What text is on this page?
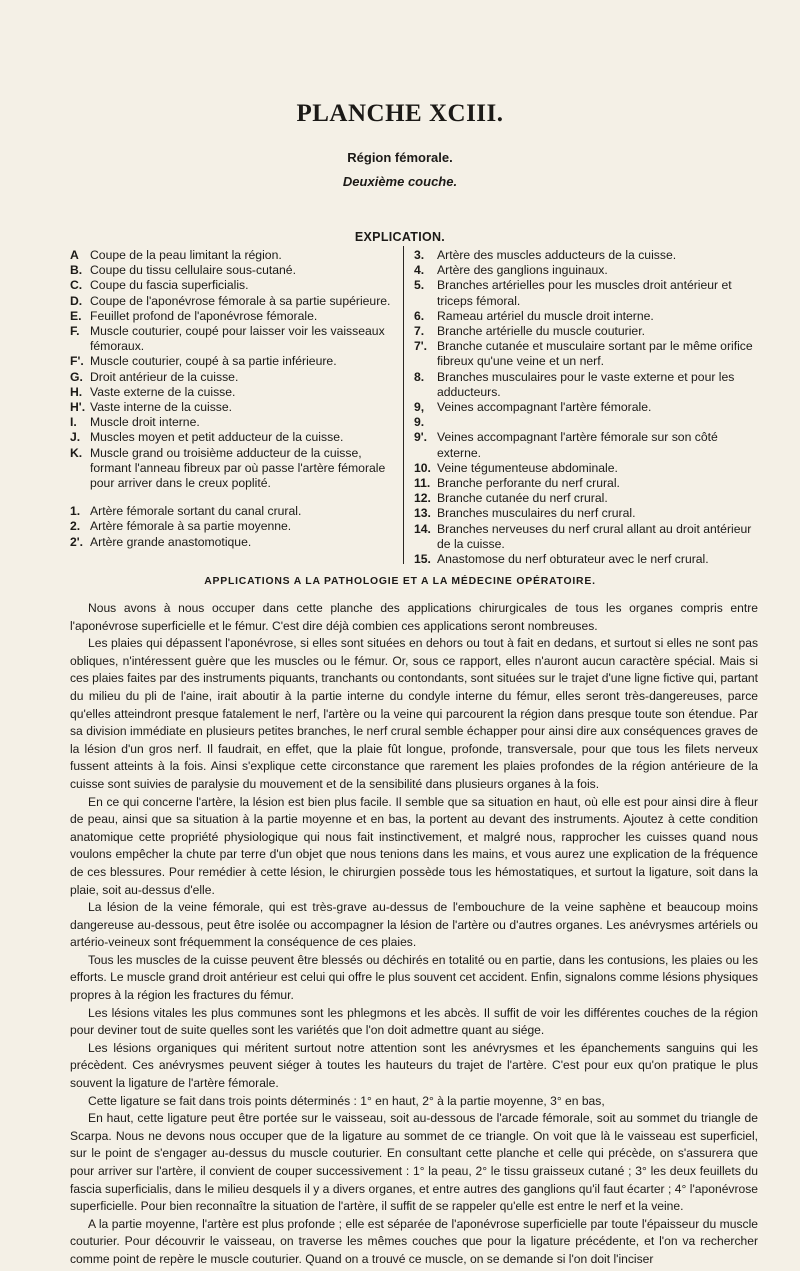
PLANCHE XCIII.
Région fémorale.
Deuxième couche.
EXPLICATION.
A Coupe de la peau limitant la région.
B. Coupe du tissu cellulaire sous-cutané.
C. Coupe du fascia superficialis.
D. Coupe de l'aponévrose fémorale à sa partie supérieure.
E. Feuillet profond de l'aponévrose fémorale.
F. Muscle couturier, coupé pour laisser voir les vaisseaux fémoraux.
F'. Muscle couturier, coupé à sa partie inférieure.
G. Droit antérieur de la cuisse.
H. Vaste externe de la cuisse.
H'. Vaste interne de la cuisse.
I.	Muscle droit interne.
J. Muscles moyen et petit adducteur de la cuisse.
K. Muscle grand ou troisième adducteur de la cuisse, formant l'anneau fibreux par où passe l'artère fémorale pour arriver dans le creux poplité.
1. Artère fémorale sortant du canal crural.
2. Artère fémorale à sa partie moyenne.
2'. Artère grande anastomotique.
3.	Artère des muscles adducteurs de la cuisse.
4.	Artère des ganglions inguinaux.
5.	Branches artérielles pour les muscles droit antérieur et triceps fémoral.
6.	Rameau artériel du muscle droit interne.
7.	Branche artérielle du muscle couturier.
7'. Branche cutanée et musculaire sortant par le même orifice fibreux qu'une veine et un nerf.
8.	Branches musculaires pour le vaste externe et pour les adducteurs.
9, 9.
Veines accompagnant l'artère fémorale.
9'. Veines accompagnant l'artère fémorale sur son côté externe.
10. Veine tégumenteuse abdominale.
11. Branche perforante du nerf crural.
12. Branche cutanée du nerf crural.
13. Branches musculaires du nerf crural.
14. Branches nerveuses du nerf crural allant au droit antérieur de la cuisse.
15. Anastomose du nerf obturateur avec le nerf crural.
APPLICATIONS A LA PATHOLOGIE ET A LA MÉDECINE OPÉRATOIRE.

Nous avons à nous occuper dans cette planche des applications chirurgicales de tous les organes compris entre l'aponévrose superficielle et le fémur. C'est dire déjà combien ces applications seront nombreuses.

Les plaies qui dépassent l'aponévrose, si elles sont situées en dehors ou tout à fait en dedans, et surtout si elles ne sont pas obliques, n'intéressent guère que les muscles ou le fémur. Or, sous ce rapport, elles n'auront aucun caractère spécial. Mais si ces plaies faites par des instruments piquants, tranchants ou contondants, sont situées sur le trajet d'une ligne fictive qui, partant du milieu du pli de l'aine, irait aboutir à la partie interne du condyle interne du fémur, elles seront très-dangereuses, parce qu'elles atteindront presque fatalement le nerf, l'artère ou la veine qui parcourent la région dans presque toute son étendue. Par sa division immédiate en plusieurs petites branches, le nerf crural semble échapper pour ainsi dire aux conséquences graves de la lésion d'un gros nerf. Il faudrait, en effet, que la plaie fût longue, profonde, transversale, pour que tous les filets nerveux fussent atteints à la fois. Ainsi s'explique cette circonstance que rarement les plaies profondes de la région antérieure de la cuisse sont suivies de paralysie du mouvement et de la sensibilité dans plusieurs organes à la fois.

En ce qui concerne l'artère, la lésion est bien plus facile. Il semble que sa situation en haut, où elle est pour ainsi dire à fleur de peau, ainsi que sa situation à la partie moyenne et en bas, la portent au devant des instruments. Ajoutez à cette condition anatomique cette propriété physiologique qui nous fait instinctivement, et malgré nous, rapprocher les cuisses quand nous voulons empêcher la chute par terre d'un objet que nous tenions dans les mains, et vous aurez une explication de la fréquence de ces blessures. Pour remédier à cette lésion, le chirurgien possède tous les hémostatiques, et surtout la ligature, soit dans la plaie, soit au-dessus d'elle.

La lésion de la veine fémorale, qui est très-grave au-dessus de l'embouchure de la veine saphène et beaucoup moins dangereuse au-dessous, peut être isolée ou accompagner la lésion de l'artère ou d'autres organes. Les anévrysmes artériels ou artério-veineux sont fréquemment la conséquence de ces plaies.

Tous les muscles de la cuisse peuvent être blessés ou déchirés en totalité ou en partie, dans les contusions, les plaies ou les efforts. Le muscle grand droit antérieur est celui qui offre le plus souvent cet accident. Enfin, signalons comme lésions physiques propres à la région les fractures du fémur.

Les lésions vitales les plus communes sont les phlegmons et les abcès. Il suffit de voir les différentes couches de la région pour deviner tout de suite quelles sont les variétés que l'on doit admettre quant au siége.

Les lésions organiques qui méritent surtout notre attention sont les anévrysmes et les épanchements sanguins qui les précèdent. Ces anévrysmes peuvent siéger à toutes les hauteurs du trajet de l'artère. C'est pour eux qu'on pratique le plus souvent la ligature de l'artère fémorale.

Cette ligature se fait dans trois points déterminés : 1° en haut, 2° à la partie moyenne, 3° en bas,

En haut, cette ligature peut être portée sur le vaisseau, soit au-dessous de l'arcade fémorale, soit au sommet du triangle de Scarpa. Nous ne devons nous occuper que de la ligature au sommet de ce triangle. On voit que là le vaisseau est superficiel, sur le point de s'engager au-dessus du muscle couturier. En consultant cette planche et celle qui précède, on s'assurera que pour arriver sur l'artère, il convient de couper successivement : 1° la peau, 2° le tissu graisseux cutané ; 3° les deux feuillets du fascia superficialis, dans le milieu desquels il y a divers organes, et entre autres des ganglions qu'il faut écarter ; 4° l'aponévrose superficielle. Pour bien reconnaître la situation de l'artère, il suffit de se rappeler qu'elle est entre le nerf et la veine.

A la partie moyenne, l'artère est plus profonde ; elle est séparée de l'aponévrose superficielle par toute l'épaisseur du muscle couturier. Pour découvrir le vaisseau, on traverse les mêmes couches que pour la ligature précédente, et l'on va rechercher comme point de repère le muscle couturier. Quand on a trouvé ce muscle, on se demande si l'on doit l'inciser
